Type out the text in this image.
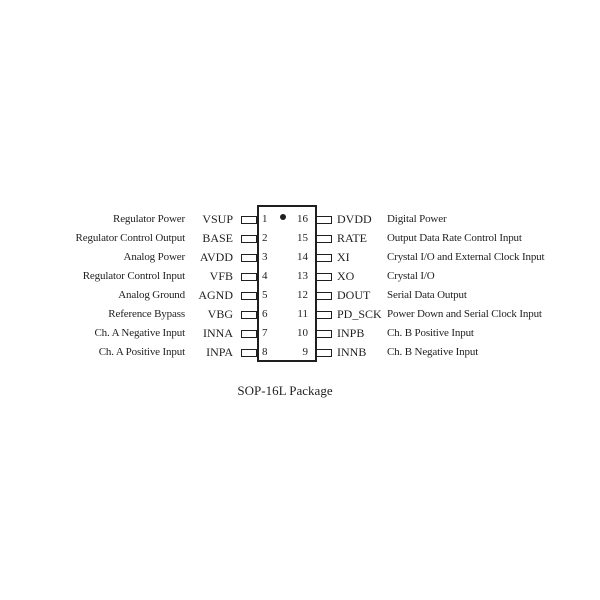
Regulator Power VSUP	1	16 DVDD Digital Power
Regulator Control Output BASE	2	15 RATE Output Data Rate Control Input
Analog Power AVDD	3	14 XI	Crystal I/O and External Clock Input
Regulator Control Input VFB	4	13 XO	Crystal I/O
Analog Ground AGND	5	12 DOUT Serial Data Output
Reference Bypass VBG	6	11 PD_SCK Power Down and Serial Clock Input
Ch. A Negative Input INNA	7	10 INPB Ch. B Positive Input
Ch. A Positive Input INPA	8	9 INNB Ch. B Negative Input
SOP-16L Package
